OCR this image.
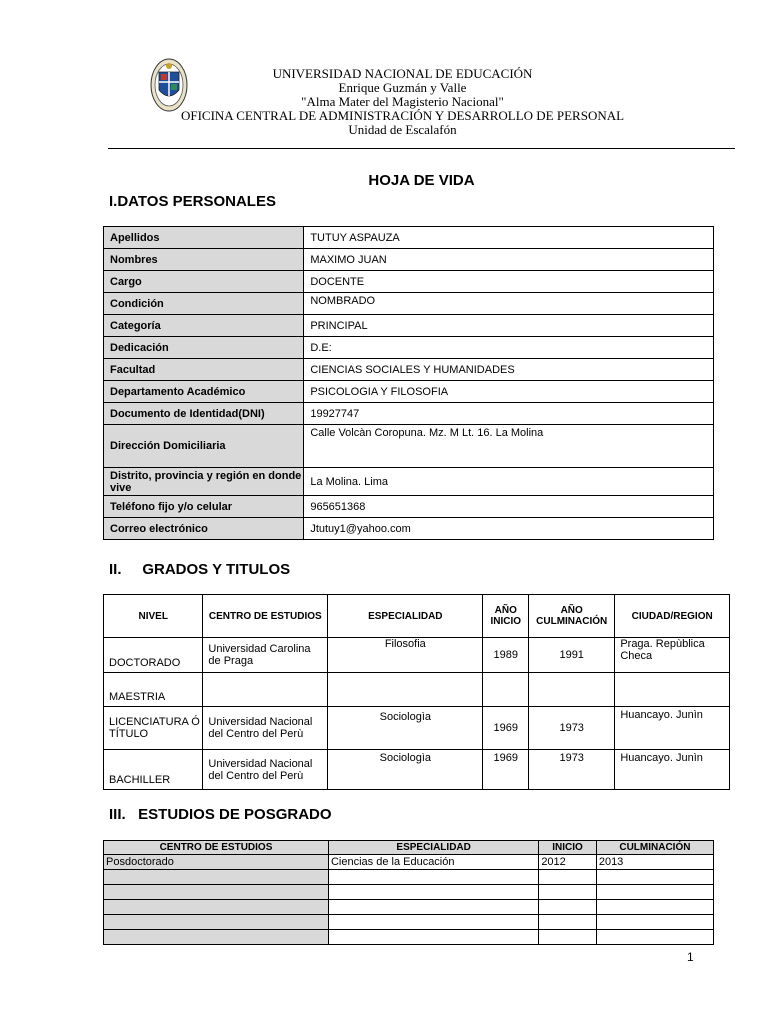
UNIVERSIDAD NACIONAL DE EDUCACIÓN
Enrique Guzmán y Valle
"Alma Mater del Magisterio Nacional"
OFICINA CENTRAL DE ADMINISTRACIÓN Y DESARROLLO DE PERSONAL
Unidad de Escalafón
HOJA DE VIDA
I.DATOS PERSONALES
Apellidos	TUTUY ASPAUZA
Nombres	MAXIMO JUAN
Cargo	DOCENTE
Condición	NOMBRADO
Categoría	PRINCIPAL
Dedicación	D.E:
Facultad	CIENCIAS SOCIALES Y HUMANIDADES
Departamento Académico	PSICOLOGIA Y FILOSOFIA
Documento de Identidad(DNI)	19927747
Dirección Domiciliaria	Calle Volcàn Coropuna. Mz. M Lt. 16. La Molina
Distrito, provincia y región en donde vive	La Molina. Lima
Teléfono fijo y/o celular	965651368
Correo electrónico	Jtutuy1@yahoo.com
II.     GRADOS Y TITULOS
NIVEL	CENTRO DE ESTUDIOS	ESPECIALIDAD	AÑO INICIO	AÑO CULMINACIÓN	CIUDAD/REGION
DOCTORADO	Universidad Carolina de Praga	Filosofia	1989	1991	Praga. Repùblica Checa
MAESTRIA					
LICENCIATURA Ó TÍTULO	Universidad Nacional del Centro del Perù	Sociologìa	1969	1973	Huancayo. Junìn
BACHILLER	Universidad Nacional del Centro del Perù	Sociologìa	1969	1973	Huancayo. Junìn
III.   ESTUDIOS DE POSGRADO
CENTRO DE ESTUDIOS	ESPECIALIDAD	INICIO	CULMINACIÓN
Posdoctorado	Ciencias de la Educación	2012	2013

1
